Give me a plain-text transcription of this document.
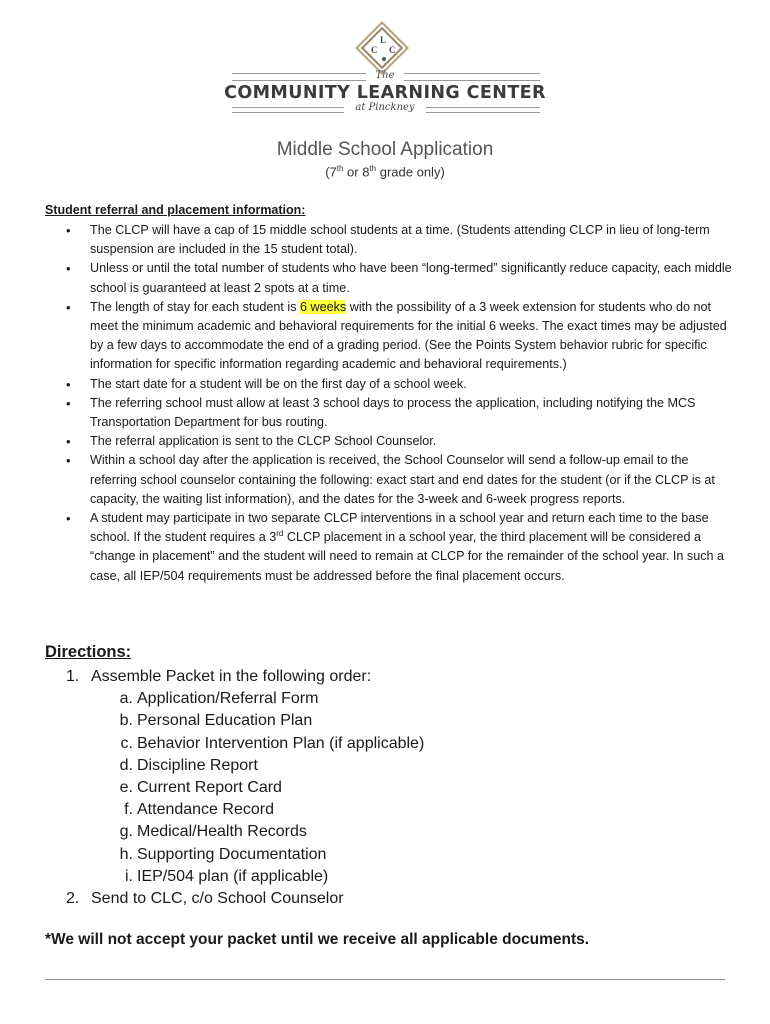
L
C C
The
COMMUNITY LEARNING CENTER
at Pinckney
Middle School Application
(7th or 8th grade only)
Student referral and placement information:
• The CLCP will have a cap of 15 middle school students at a time. (Students attending CLCP in lieu of long-term suspension are included in the 15 student total).
• Unless or until the total number of students who have been “long-termed” significantly reduce capacity, each middle school is guaranteed at least 2 spots at a time.
• The length of stay for each student is 6 weeks with the possibility of a 3 week extension for students who do not meet the minimum academic and behavioral requirements for the initial 6 weeks. The exact times may be adjusted by a few days to accommodate the end of a grading period. (See the Points System behavior rubric for specific information for specific information regarding academic and behavioral requirements.)
• The start date for a student will be on the first day of a school week.
• The referring school must allow at least 3 school days to process the application, including notifying the MCS Transportation Department for bus routing.
• The referral application is sent to the CLCP School Counselor.
• Within a school day after the application is received, the School Counselor will send a follow-up email to the referring school counselor containing the following: exact start and end dates for the student (or if the CLCP is at capacity, the waiting list information), and the dates for the 3-week and 6-week progress reports.
• A student may participate in two separate CLCP interventions in a school year and return each time to the base school. If the student requires a 3rd CLCP placement in a school year, the third placement will be considered a “change in placement” and the student will need to remain at CLCP for the remainder of the school year. In such a case, all IEP/504 requirements must be addressed before the final placement occurs.
Directions:
1. Assemble Packet in the following order:
a. Application/Referral Form
b. Personal Education Plan
c. Behavior Intervention Plan (if applicable)
d. Discipline Report
e. Current Report Card
f. Attendance Record
g. Medical/Health Records
h. Supporting Documentation
i. IEP/504 plan (if applicable)
2. Send to CLC, c/o School Counselor
*We will not accept your packet until we receive all applicable documents.
